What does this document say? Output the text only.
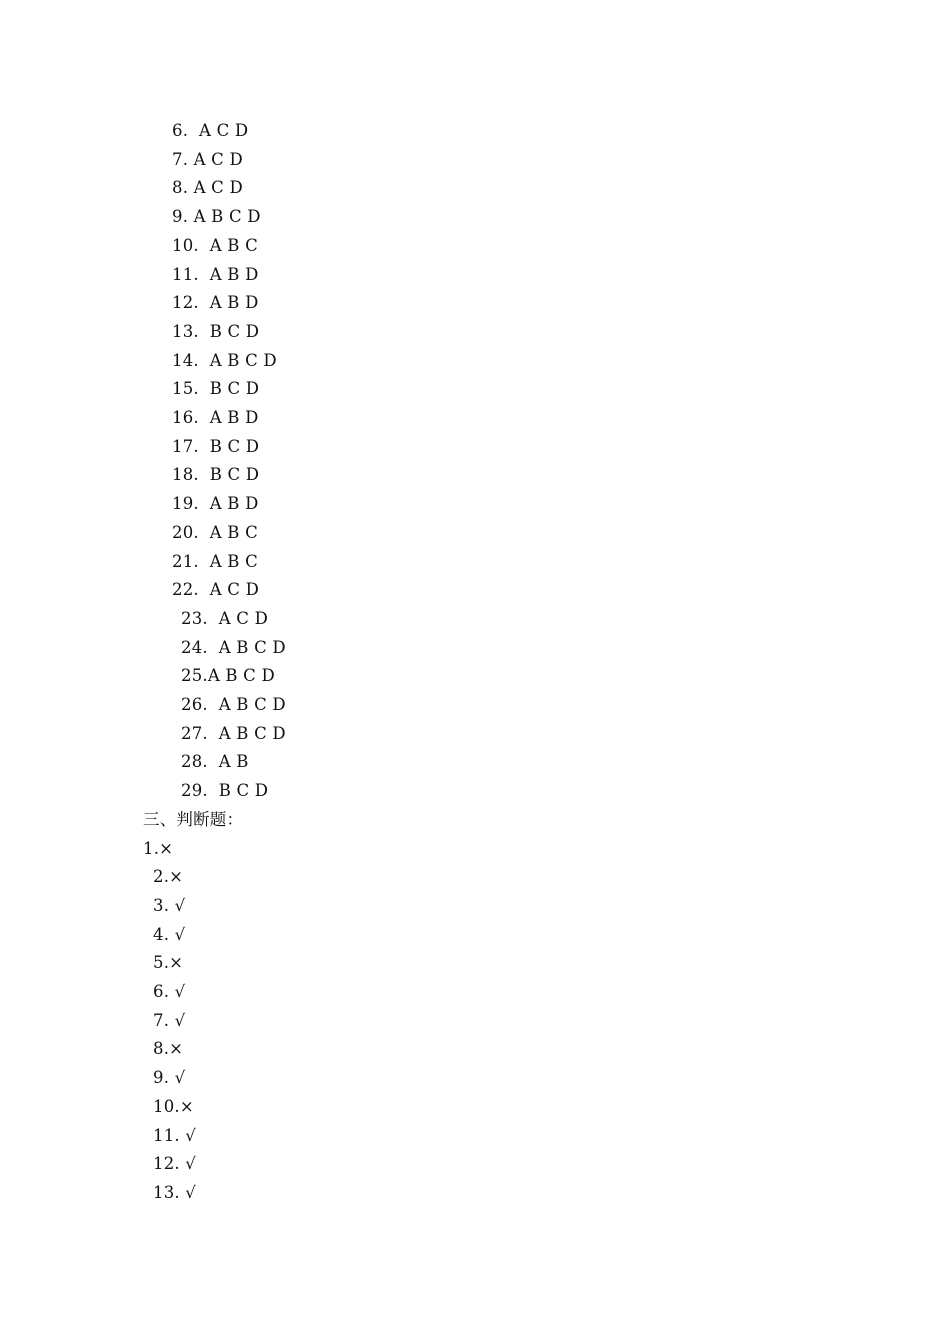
6.  A C D
7. A C D
8. A C D
9. A B C D
10. A B C
11. A B D
12. A B D
13. B C D
14. A B C D
15. B C D
16. A B D
17. B C D
18. B C D
19. A B D
20. A B C
21. A B C
22. A C D
23. A C D
24. A B C D
25.A B C D
26. A B C D
27. A B C D
28. A B
29. B C D
三、判断题：
1.×
2.×
3. √
4. √
5.×
6. √
7. √
8.×
9. √
10.×
11. √
12. √
13. √
